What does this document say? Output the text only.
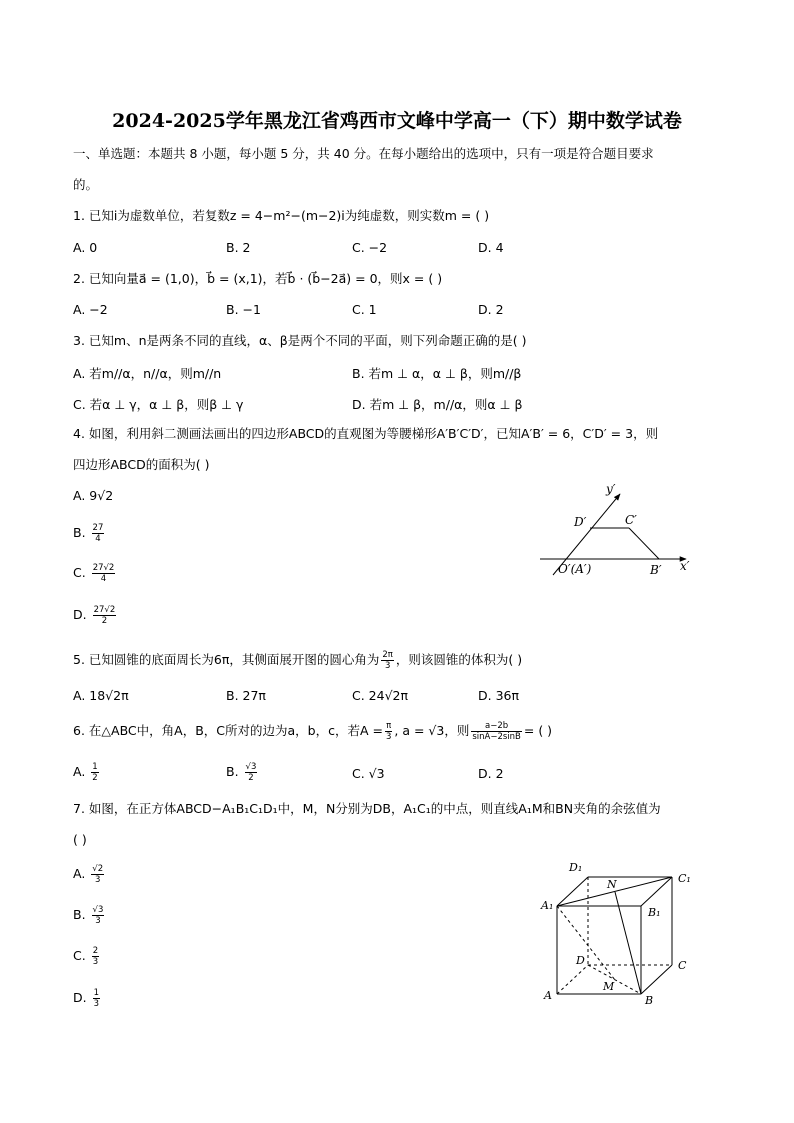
2024-2025学年黑龙江省鸡西市文峰中学高一（下）期中数学试卷
一、单选题：本题共 8 小题，每小题 5 分，共 40 分。在每小题给出的选项中，只有一项是符合题目要求
的。
1. 已知i为虚数单位，若复数z = 4−m²−(m−2)i为纯虚数，则实数m = ( )
A. 0	B. 2	C. −2	D. 4
2. 已知向量a⃗ = (1,0)，b⃗ = (x,1)，若b⃗ · (b⃗−2a⃗) = 0，则x = ( )
A. −2	B. −1	C. 1	D. 2
3. 已知m、n是两条不同的直线，α、β是两个不同的平面，则下列命题正确的是( )
A. 若m//α，n//α，则m//n	B. 若m ⊥ α，α ⊥ β，则m//β
C. 若α ⊥ γ，α ⊥ β，则β ⊥ γ	D. 若m ⊥ β，m//α，则α ⊥ β
4. 如图，利用斜二测画法画出的四边形ABCD的直观图为等腰梯形A′B′C′D′，已知A′B′ = 6，C′D′ = 3，则
四边形ABCD的面积为( )
A. 9√2
B. $\frac{27}{4}$
C. $\frac{27√2}{4}$
D. $\frac{27√2}{2}$
y′
D′	C′
O′(A′)	B′ x′
5. 已知圆锥的底面周长为6π，其侧面展开图的圆心角为 $\frac{2\pi}{3}$ ，则该圆锥的体积为( )
A. 18√2π	B. 27π	C. 24√2π	D. 36π
6. 在△ABC中，角A，B，C所对的边为a，b，c，若$A = \frac{\pi}{3}$ , a = √3，则 $\frac{a-2b}{\sin A-2\sin B}$ = ( )
A. $\frac{1}{2}$	B. $\frac{√3}{2}$	C. √3	D. 2
7. 如图，在正方体ABCD−A₁B₁C₁D₁中，M，N分别为DB，A₁C₁的中点，则直线A₁M和BN夹角的余弦值为
( )
A. $\frac{√2}{3}$
B. $\frac{√3}{3}$
C. $\frac{2}{3}$
D. $\frac{1}{3}$
D₁
N	C₁
A₁
B₁
D	C
M
A	B
